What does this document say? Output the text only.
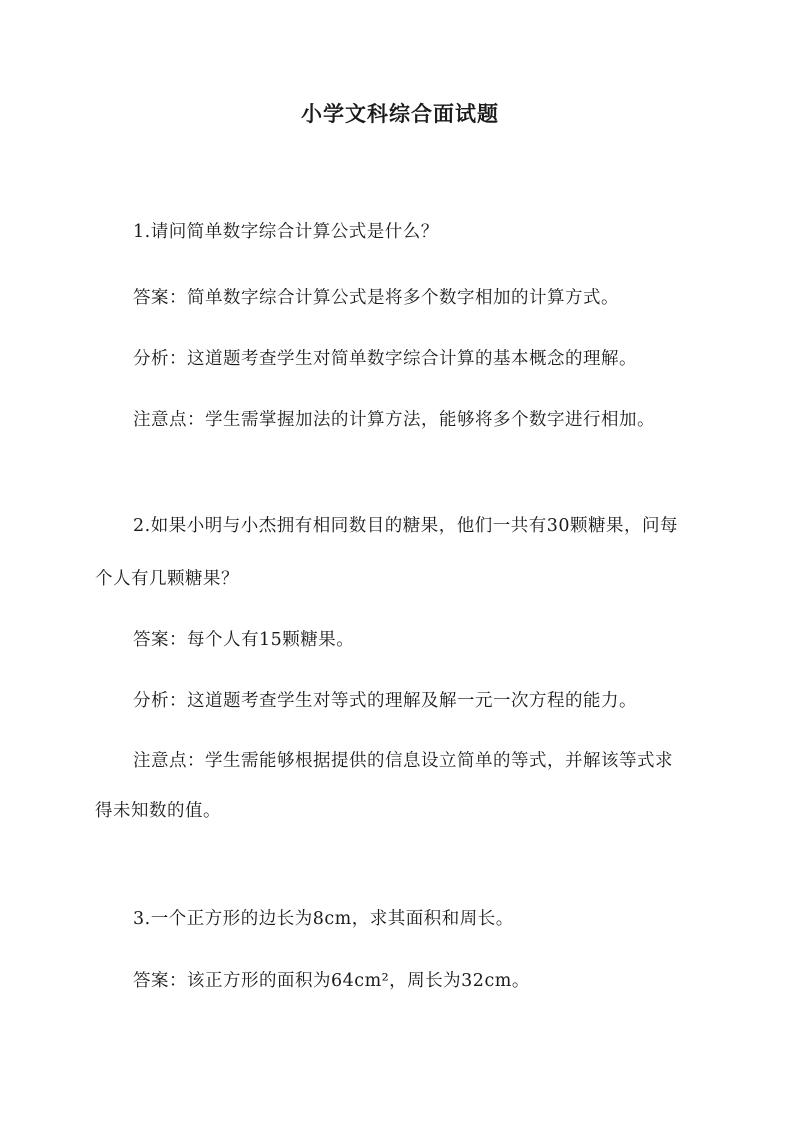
小学文科综合面试题
1.请问简单数字综合计算公式是什么？
答案：简单数字综合计算公式是将多个数字相加的计算方式。
分析：这道题考查学生对简单数字综合计算的基本概念的理解。
注意点：学生需掌握加法的计算方法，能够将多个数字进行相加。
2.如果小明与小杰拥有相同数目的糖果，他们一共有30颗糖果，问每
个人有几颗糖果？
答案：每个人有15颗糖果。
分析：这道题考查学生对等式的理解及解一元一次方程的能力。
注意点：学生需能够根据提供的信息设立简单的等式，并解该等式求
得未知数的值。
3.一个正方形的边长为8cm，求其面积和周长。
答案：该正方形的面积为64cm²，周长为32cm。
